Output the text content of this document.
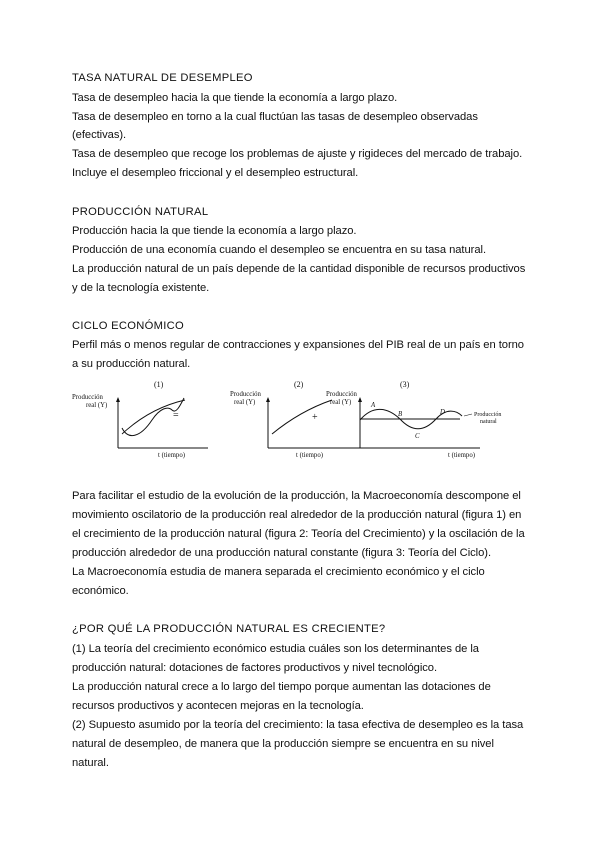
TASA NATURAL DE DESEMPLEO
Tasa de desempleo hacia la que tiende la economía a largo plazo.
Tasa de desempleo en torno a la cual fluctúan las tasas de desempleo observadas
(efectivas).
Tasa de desempleo que recoge los problemas de ajuste y rigideces del mercado de trabajo.
Incluye el desempleo friccional y el desempleo estructural.
PRODUCCIÓN NATURAL
Producción hacia la que tiende la economía a largo plazo.
Producción de una economía cuando el desempleo se encuentra en su tasa natural.
La producción natural de un país depende de la cantidad disponible de recursos productivos
y de la tecnología existente.
CICLO ECONÓMICO
Perfil más o menos regular de contracciones y expansiones del PIB real de un país en torno
a su producción natural.
(1)
Producción
real (Y)
t (tiempo)
=
(2)
Producción
real (Y)
t (tiempo)
+
(3)
Producción
real (Y)
t (tiempo)
A
B
C
D	Producción
natural
Para facilitar el estudio de la evolución de la producción, la Macroeconomía descompone el
movimiento oscilatorio de la producción real alrededor de la producción natural (figura 1) en
el crecimiento de la producción natural (figura 2: Teoría del Crecimiento) y la oscilación de la
producción alrededor de una producción natural constante (figura 3: Teoría del Ciclo).
La Macroeconomía estudia de manera separada el crecimiento económico y el ciclo
económico.
¿POR QUÉ LA PRODUCCIÓN NATURAL ES CRECIENTE?
(1) La teoría del crecimiento económico estudia cuáles son los determinantes de la
producción natural: dotaciones de factores productivos y nivel tecnológico.
La producción natural crece a lo largo del tiempo porque aumentan las dotaciones de
recursos productivos y acontecen mejoras en la tecnología.
(2) Supuesto asumido por la teoría del crecimiento: la tasa efectiva de desempleo es la tasa
natural de desempleo, de manera que la producción siempre se encuentra en su nivel
natural.
